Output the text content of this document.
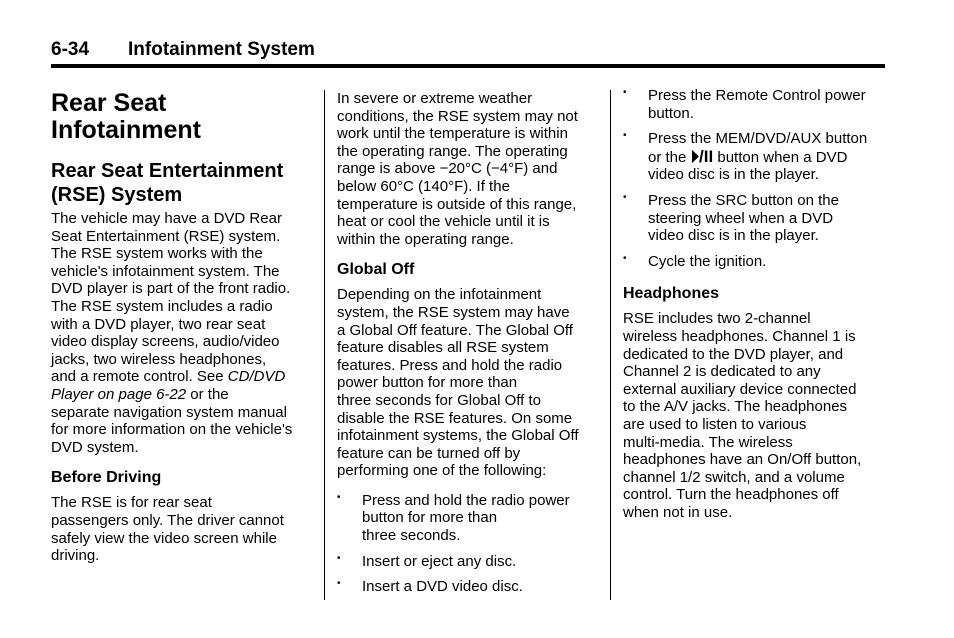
6-34 Infotainment System
Rear Seat
Infotainment
Rear Seat Entertainment
(RSE) System

The vehicle may have a DVD Rear
Seat Entertainment (RSE) system.
The RSE system works with the
vehicle's infotainment system. The
DVD player is part of the front radio.
The RSE system includes a radio
with a DVD player, two rear seat
video display screens, audio/video
jacks, two wireless headphones,
and a remote control. See CD/DVD
Player on page 6-22 or the
separate navigation system manual
for more information on the vehicle's
DVD system.

Before Driving

The RSE is for rear seat
passengers only. The driver cannot
safely view the video screen while
driving.

In severe or extreme weather
conditions, the RSE system may not
work until the temperature is within
the operating range. The operating
range is above −20°C (−4°F) and
below 60°C (140°F). If the
temperature is outside of this range,
heat or cool the vehicle until it is
within the operating range.

Global Off

Depending on the infotainment
system, the RSE system may have
a Global Off feature. The Global Off
feature disables all RSE system
features. Press and hold the radio
power button for more than
three seconds for Global Off to
disable the RSE features. On some
infotainment systems, the Global Off
feature can be turned off by
performing one of the following:

• Press and hold the radio power
button for more than
three seconds.
• Insert or eject any disc.
• Insert a DVD video disc.
• Press the Remote Control power
button.
• Press the MEM/DVD/AUX button
or the ⏵/II button when a DVD
video disc is in the player.
• Press the SRC button on the
steering wheel when a DVD
video disc is in the player.
• Cycle the ignition.
Headphones

RSE includes two 2-channel
wireless headphones. Channel 1 is
dedicated to the DVD player, and
Channel 2 is dedicated to any
external auxiliary device connected
to the A/V jacks. The headphones
are used to listen to various
multi-media. The wireless
headphones have an On/Off button,
channel 1/2 switch, and a volume
control. Turn the headphones off
when not in use.
